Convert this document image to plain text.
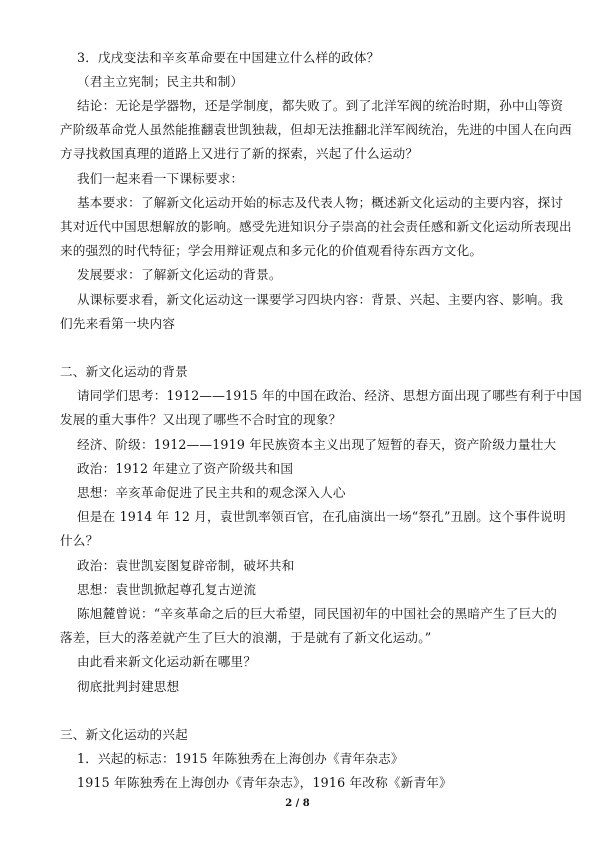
3．戊戌变法和辛亥革命要在中国建立什么样的政体？
（君主立宪制；民主共和制）
结论：无论是学器物，还是学制度，都失败了。到了北洋军阀的统治时期，孙中山等资
产阶级革命党人虽然能推翻袁世凯独裁，但却无法推翻北洋军阀统治，先进的中国人在向西
方寻找救国真理的道路上又进行了新的探索，兴起了什么运动？
我们一起来看一下课标要求：
基本要求：了解新文化运动开始的标志及代表人物；概述新文化运动的主要内容，探讨
其对近代中国思想解放的影响。感受先进知识分子崇高的社会责任感和新文化运动所表现出
来的强烈的时代特征；学会用辩证观点和多元化的价值观看待东西方文化。
发展要求：了解新文化运动的背景。
从课标要求看，新文化运动这一课要学习四块内容：背景、兴起、主要内容、影响。我
们先来看第一块内容
二、新文化运动的背景
请同学们思考：1912——1915 年的中国在政治、经济、思想方面出现了哪些有利于中国
发展的重大事件？又出现了哪些不合时宜的现象？
经济、阶级：1912——1919 年民族资本主义出现了短暂的春天，资产阶级力量壮大
政治：1912 年建立了资产阶级共和国
思想：辛亥革命促进了民主共和的观念深入人心
但是在 1914 年 12 月，袁世凯率领百官，在孔庙演出一场“祭孔”丑剧。这个事件说明
什么？
政治：袁世凯妄图复辟帝制，破坏共和
思想：袁世凯掀起尊孔复古逆流
陈旭麓曾说：“辛亥革命之后的巨大希望，同民国初年的中国社会的黑暗产生了巨大的
落差，巨大的落差就产生了巨大的浪潮，于是就有了新文化运动。”
由此看来新文化运动新在哪里？
彻底批判封建思想
三、新文化运动的兴起
1．兴起的标志：1915 年陈独秀在上海创办《青年杂志》
1915 年陈独秀在上海创办《青年杂志》，1916 年改称《新青年》
2 / 8
